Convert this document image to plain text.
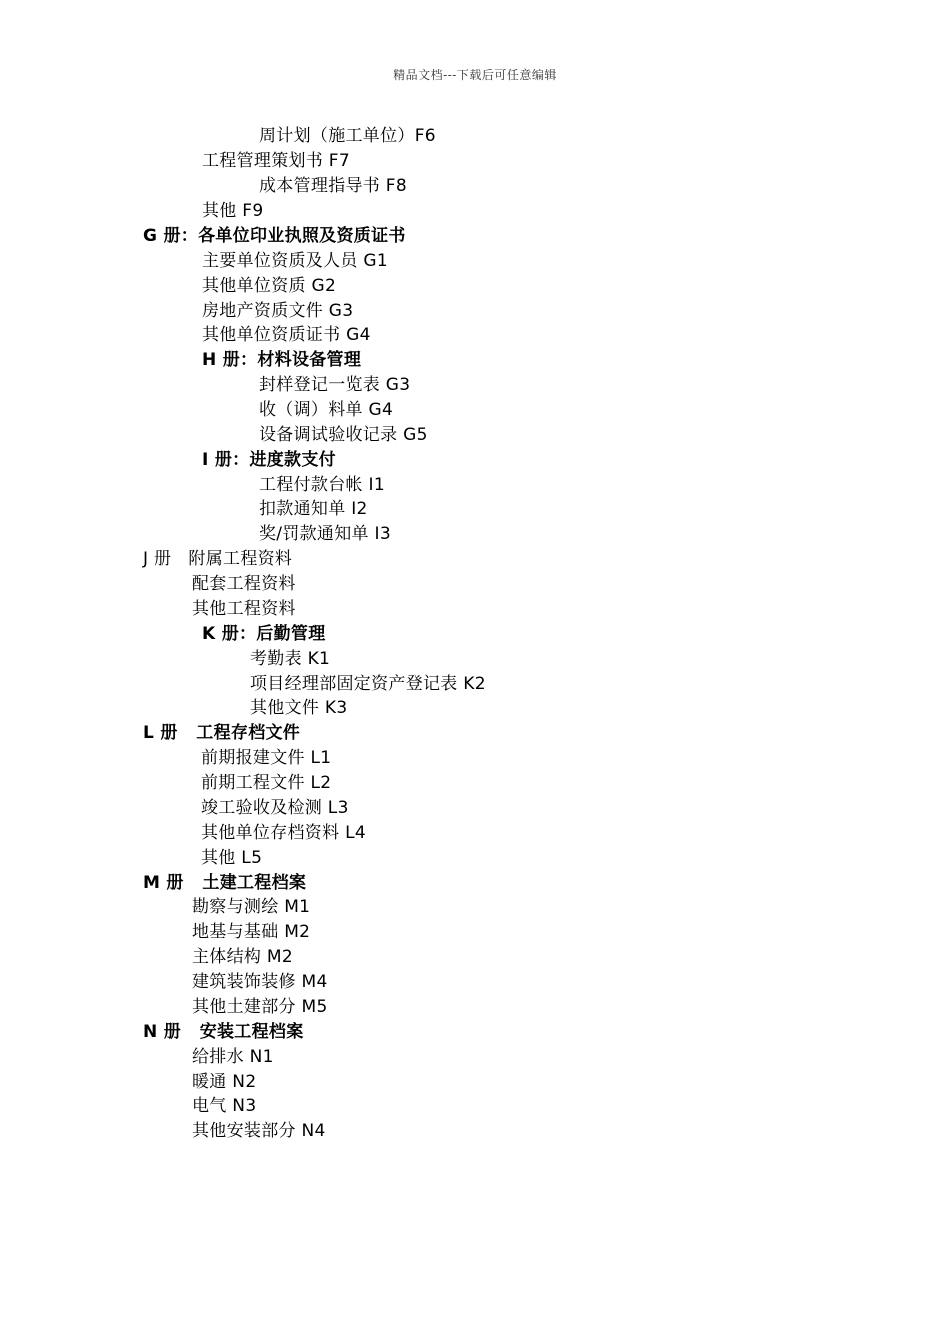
精品文档---下载后可任意编辑
周计划（施工单位）F6
工程管理策划书 F7
成本管理指导书 F8
其他 F9
G 册：各单位印业执照及资质证书
主要单位资质及人员 G1
其他单位资质 G2
房地产资质文件 G3
其他单位资质证书 G4
H 册：材料设备管理
封样登记一览表 G3
收（调）料单 G4
设备调试验收记录 G5
I 册：进度款支付
工程付款台帐 I1
扣款通知单 I2
奖/罚款通知单 I3
J 册   附属工程资料
配套工程资料
其他工程资料
K 册：后勤管理
考勤表 K1
项目经理部固定资产登记表 K2
其他文件 K3
L 册   工程存档文件
前期报建文件 L1
前期工程文件 L2
竣工验收及检测 L3
其他单位存档资料 L4
其他 L5
M 册   土建工程档案
勘察与测绘 M1
地基与基础 M2
主体结构 M2
建筑装饰装修 M4
其他土建部分 M5
N 册   安装工程档案
给排水 N1
暖通 N2
电气 N3
其他安装部分 N4
